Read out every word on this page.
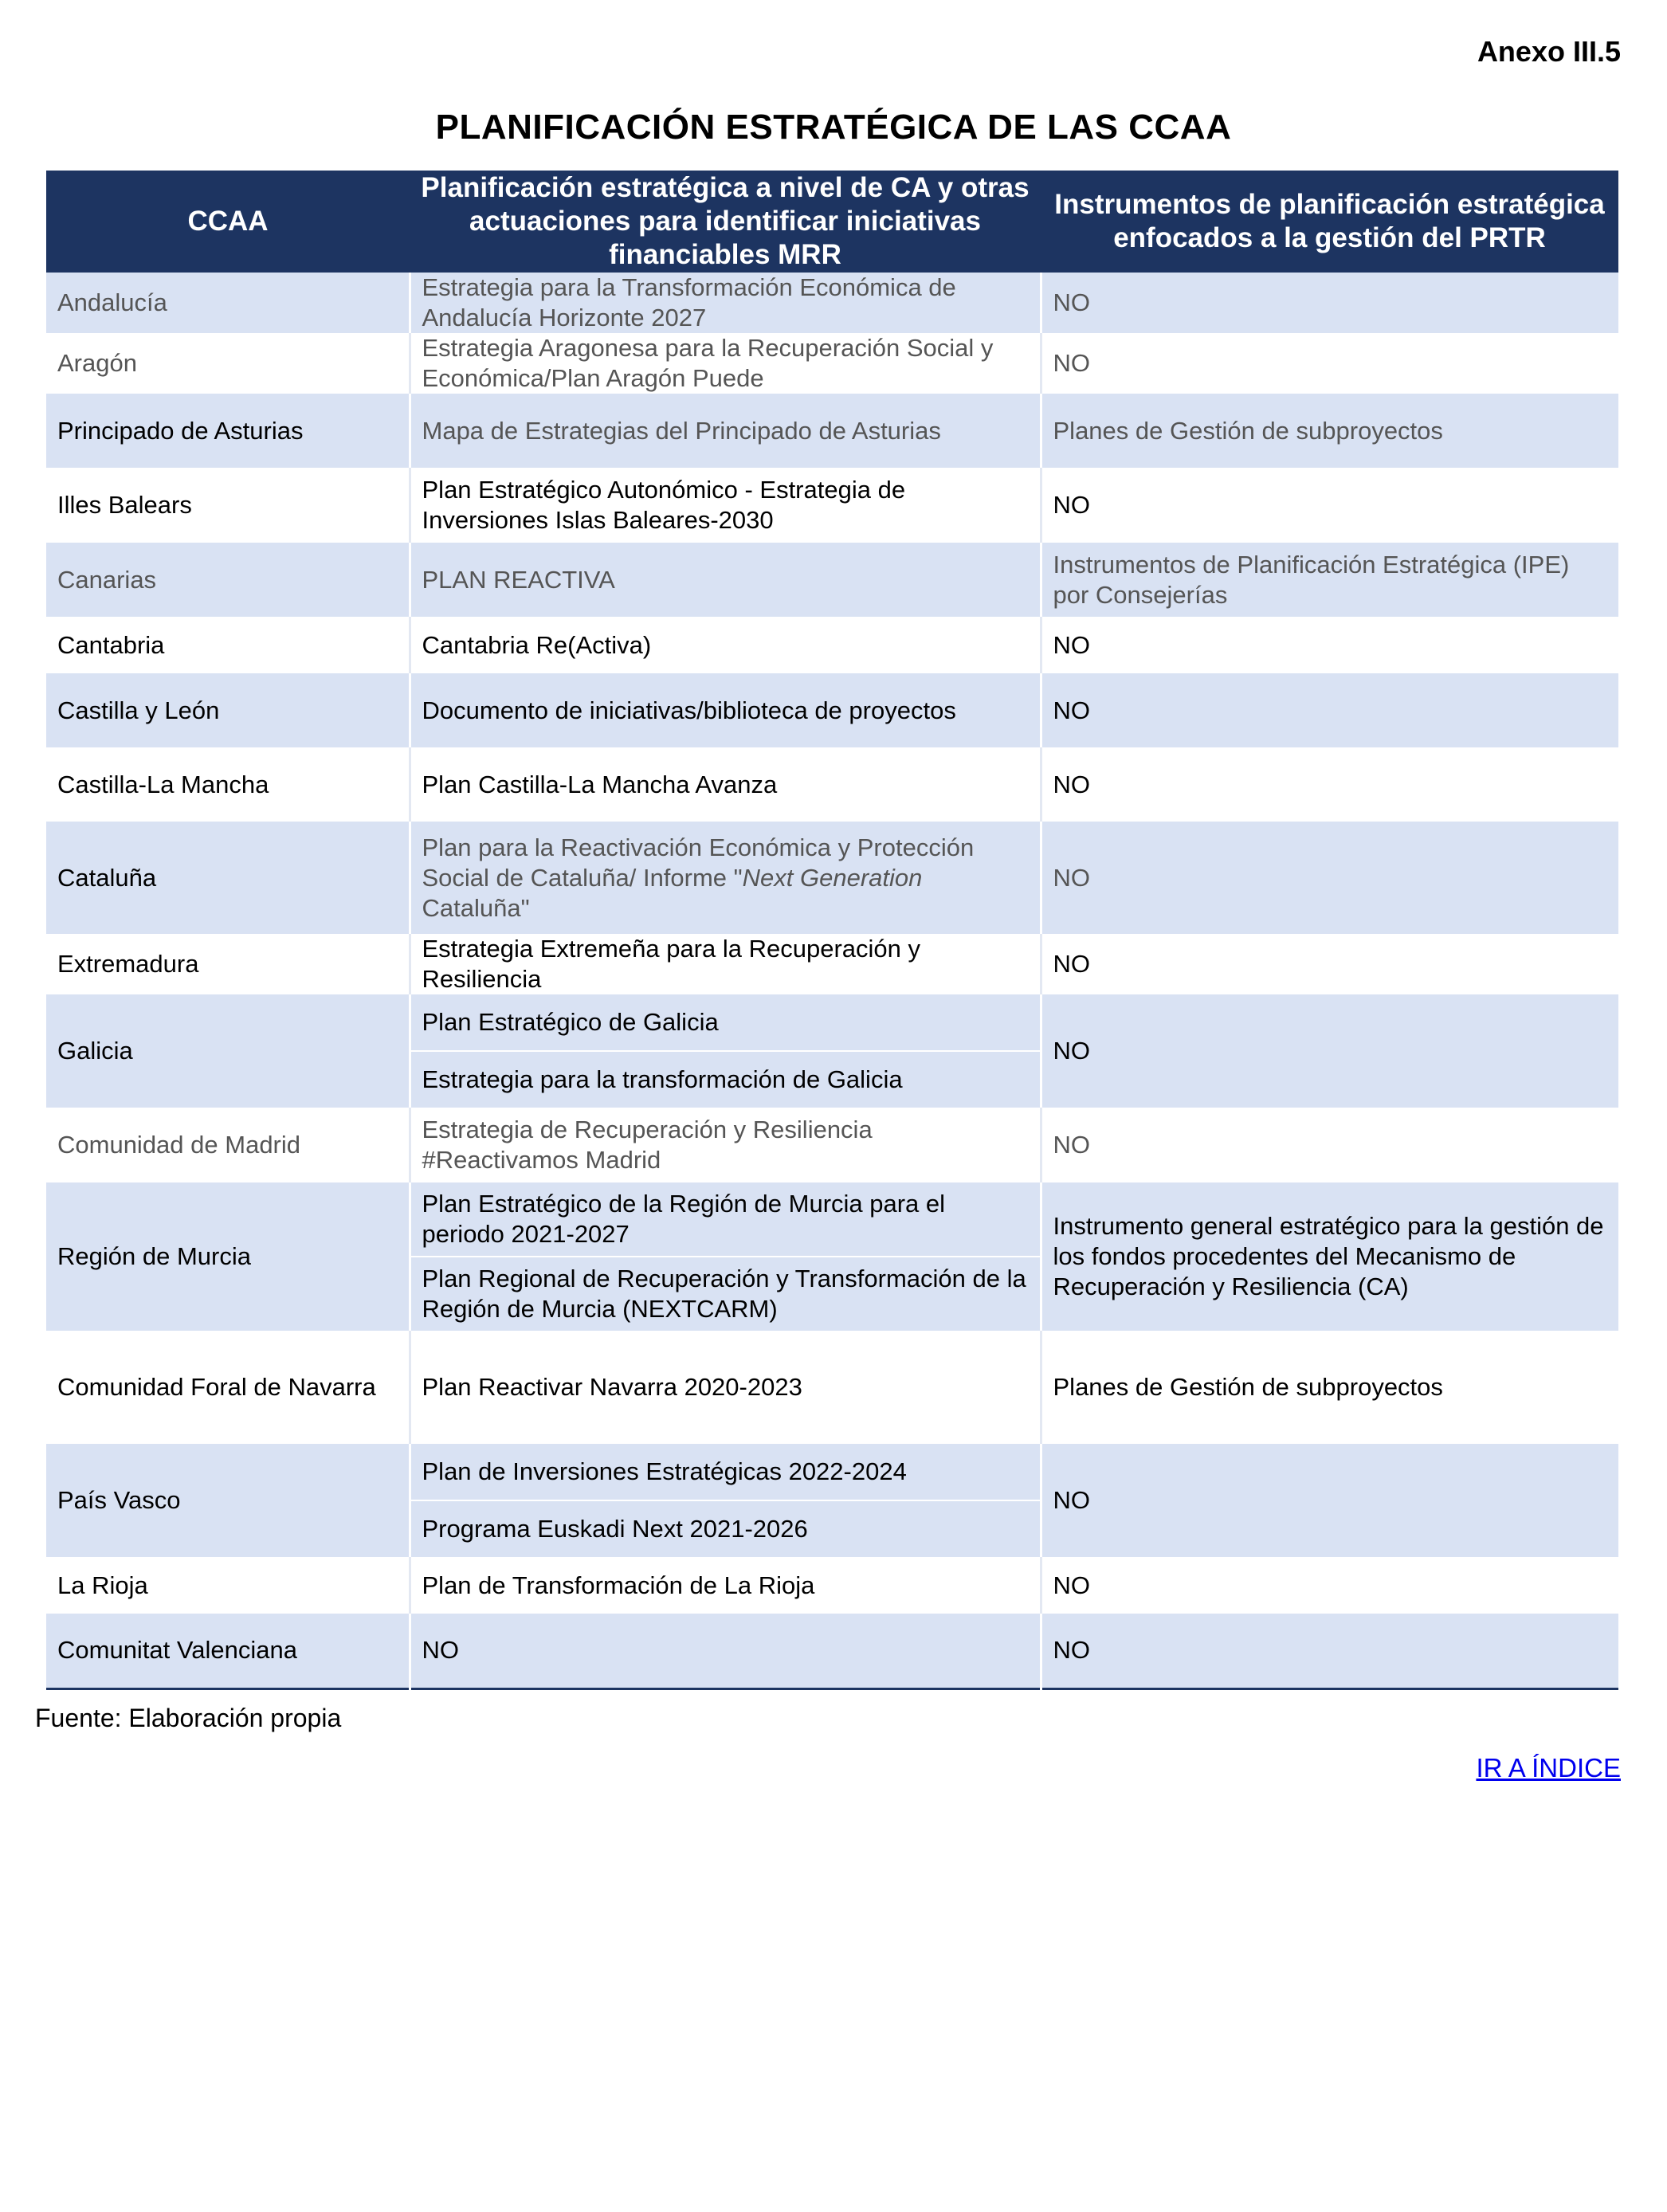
Anexo III.5
PLANIFICACIÓN ESTRATÉGICA DE LAS CCAA
CCAA	Planificación estratégica a nivel de CA y otras actuaciones para identificar iniciativas financiables MRR	Instrumentos de planificación estratégica enfocados a la gestión del PRTR
Andalucía	Estrategia para la Transformación Económica de Andalucía Horizonte 2027	NO
Aragón	Estrategia Aragonesa para la Recuperación Social y Económica/Plan Aragón Puede	NO
Principado de Asturias	Mapa de Estrategias del Principado de Asturias	Planes de Gestión de subproyectos
Illes Balears	Plan Estratégico Autonómico - Estrategia de Inversiones Islas Baleares-2030	NO
Canarias	PLAN REACTIVA	Instrumentos de Planificación Estratégica (IPE) por Consejerías
Cantabria	Cantabria Re(Activa)	NO
Castilla y León	Documento de iniciativas/biblioteca de proyectos	NO
Castilla-La Mancha	Plan Castilla-La Mancha Avanza	NO
Cataluña	Plan para la Reactivación Económica y Protección Social de Cataluña/ Informe "Next Generation Cataluña"	NO
Extremadura	Estrategia Extremeña para la Recuperación y Resiliencia	NO
Galicia	Plan Estratégico de Galicia
Estrategia para la transformación de Galicia	NO
Comunidad de Madrid	Estrategia de Recuperación y Resiliencia #Reactivamos Madrid	NO
Región de Murcia	Plan Estratégico de la Región de Murcia para el periodo 2021-2027
Plan Regional de Recuperación y Transformación de la Región de Murcia (NEXTCARM)	Instrumento general estratégico para la gestión de los fondos procedentes del Mecanismo de Recuperación y Resiliencia (CA)
Comunidad Foral de Navarra	Plan Reactivar Navarra 2020-2023	Planes de Gestión de subproyectos
País Vasco	Plan de Inversiones Estratégicas 2022-2024
Programa Euskadi Next 2021-2026	NO
La Rioja	Plan de Transformación de La Rioja	NO
Comunitat Valenciana	NO	NO
Fuente: Elaboración propia
IR A ÍNDICE
